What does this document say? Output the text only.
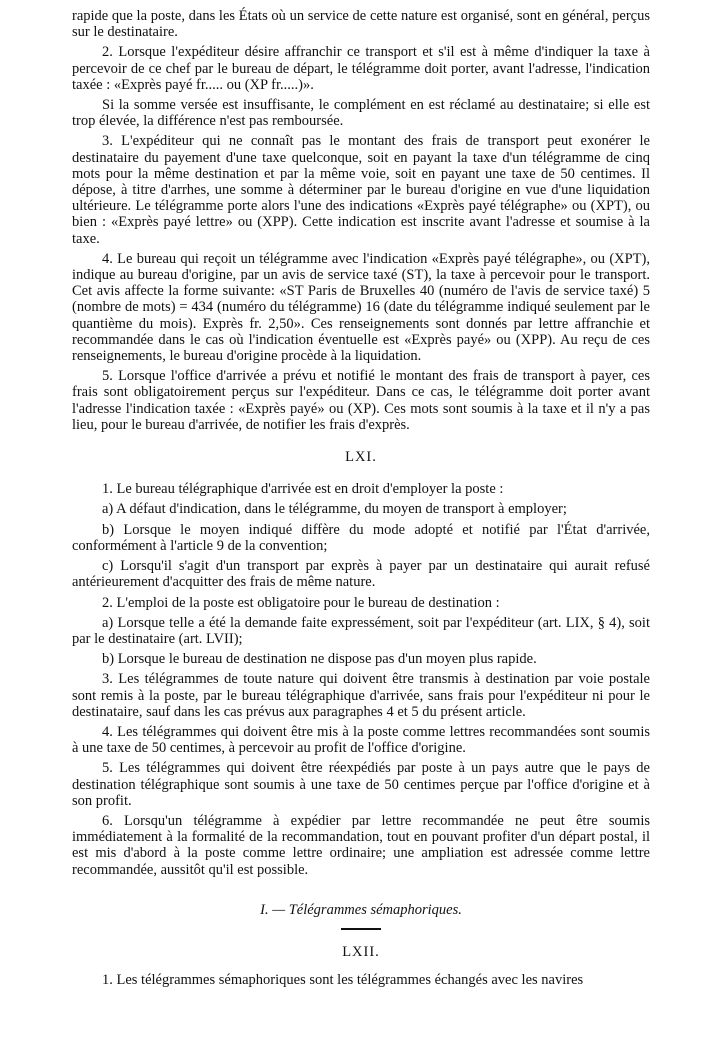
rapide que la poste, dans les États où un service de cette nature est organisé, sont en général, perçus sur le destinataire.

2. Lorsque l'expéditeur désire affranchir ce transport et s'il est à même d'indiquer la taxe à percevoir de ce chef par le bureau de départ, le télégramme doit porter, avant l'adresse, l'indication taxée : «Exprès payé fr..... ou (XP fr.....)».

Si la somme versée est insuffisante, le complément en est réclamé au destinataire; si elle est trop élevée, la différence n'est pas remboursée.

3. L'expéditeur qui ne connaît pas le montant des frais de transport peut exonérer le destinataire du payement d'une taxe quelconque, soit en payant la taxe d'un télégramme de cinq mots pour la même destination et par la même voie, soit en payant une taxe de 50 centimes. Il dépose, à titre d'arrhes, une somme à déterminer par le bureau d'origine en vue d'une liquidation ultérieure. Le télégramme porte alors l'une des indications «Exprès payé télégraphe» ou (XPT), ou bien : «Exprès payé lettre» ou (XPP). Cette indication est inscrite avant l'adresse et soumise à la taxe.

4. Le bureau qui reçoit un télégramme avec l'indication «Exprès payé télégraphe», ou (XPT), indique au bureau d'origine, par un avis de service taxé (ST), la taxe à percevoir pour le transport. Cet avis affecte la forme suivante: «ST Paris de Bruxelles 40 (numéro de l'avis de service taxé) 5 (nombre de mots) = 434 (numéro du télégramme) 16 (date du télégramme indiqué seulement par le quantième du mois). Exprès fr. 2,50». Ces renseignements sont donnés par lettre affranchie et recommandée dans le cas où l'indication éventuelle est «Exprès payé» ou (XPP). Au reçu de ces renseignements, le bureau d'origine procède à la liquidation.

5. Lorsque l'office d'arrivée a prévu et notifié le montant des frais de transport à payer, ces frais sont obligatoirement perçus sur l'expéditeur. Dans ce cas, le télégramme doit porter avant l'adresse l'indication taxée : «Exprès payé» ou (XP). Ces mots sont soumis à la taxe et il n'y a pas lieu, pour le bureau d'arrivée, de notifier les frais d'exprès.

LXI.

1. Le bureau télégraphique d'arrivée est en droit d'employer la poste :

a) A défaut d'indication, dans le télégramme, du moyen de transport à employer;

b) Lorsque le moyen indiqué diffère du mode adopté et notifié par l'État d'arrivée, conformément à l'article 9 de la convention;

c) Lorsqu'il s'agit d'un transport par exprès à payer par un destinataire qui aurait refusé antérieurement d'acquitter des frais de même nature.

2. L'emploi de la poste est obligatoire pour le bureau de destination :

a) Lorsque telle a été la demande faite expressément, soit par l'expéditeur (art. LIX, § 4), soit par le destinataire (art. LVII);

b) Lorsque le bureau de destination ne dispose pas d'un moyen plus rapide.

3. Les télégrammes de toute nature qui doivent être transmis à destination par voie postale sont remis à la poste, par le bureau télégraphique d'arrivée, sans frais pour l'expéditeur ni pour le destinataire, sauf dans les cas prévus aux paragraphes 4 et 5 du présent article.

4. Les télégrammes qui doivent être mis à la poste comme lettres recommandées sont soumis à une taxe de 50 centimes, à percevoir au profit de l'office d'origine.

5. Les télégrammes qui doivent être réexpédiés par poste à un pays autre que le pays de destination télégraphique sont soumis à une taxe de 50 centimes perçue par l'office d'origine et à son profit.

6. Lorsqu'un télégramme à expédier par lettre recommandée ne peut être soumis immédiatement à la formalité de la recommandation, tout en pouvant profiter d'un départ postal, il est mis d'abord à la poste comme lettre ordinaire; une ampliation est adressée comme lettre recommandée, aussitôt qu'il est possible.

I. — Télégrammes sémaphoriques.
LXII.

1. Les télégrammes sémaphoriques sont les télégrammes échangés avec les navires
